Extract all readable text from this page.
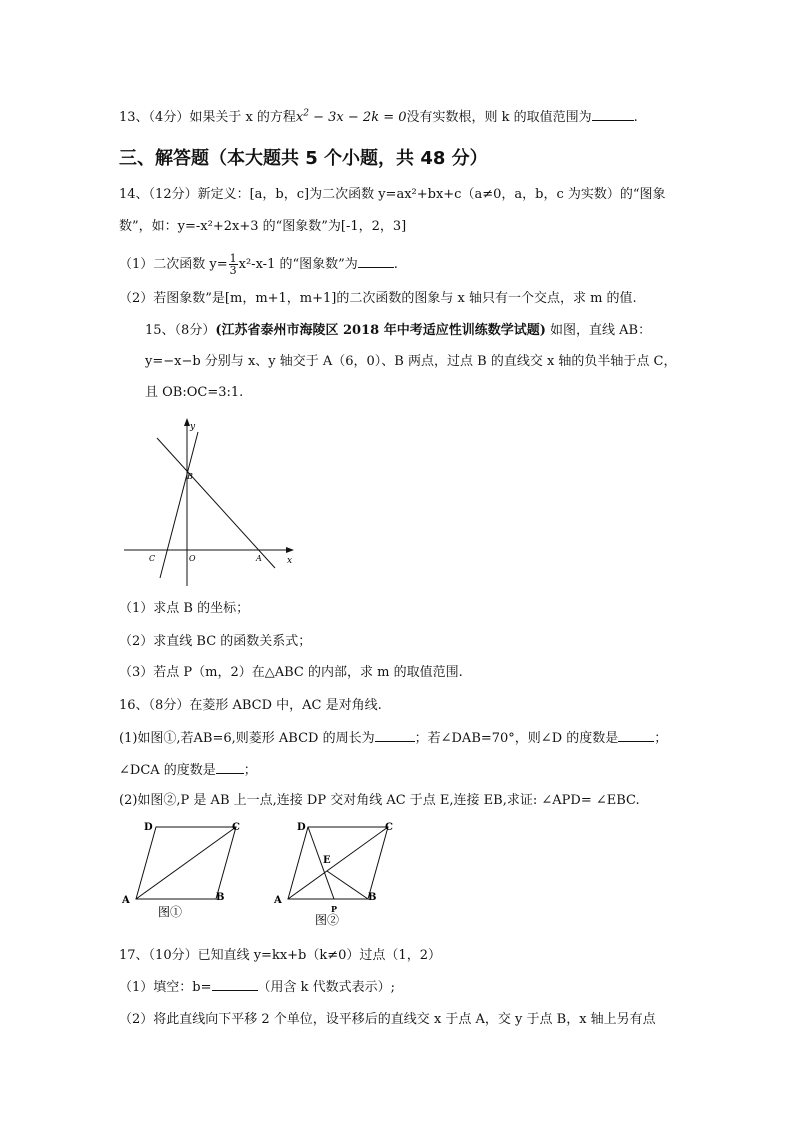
13、（4分）如果关于 x 的方程$x^2 - 3x - 2k = 0$没有实数根，则 k 的取值范围为	.
三、解答题（本大题共 5 个小题，共 48 分）
14、（12分）新定义：[a，b，c]为二次函数 y=ax²+bx+c（a≠0，a，b，c 为实数）的“图象
数”，如：y=-x²+2x+3 的“图象数”为[-1，2，3]
（1）二次函数 $y= \frac{1}{3} x^2-x-1$ 的“图象数”为	.
（2）若图象数”是[m，m+1，m+1]的二次函数的图象与 x 轴只有一个交点，求 m 的值.
15、（8分）(江苏省泰州市海陵区 2018 年中考适应性训练数学试题) 如图，直线 AB：
y=−x−b 分别与 x、y 轴交于 A（6，0）、B 两点，过点 B 的直线交 x 轴的负半轴于点 C，
且 OB:OC=3:1.
y
B
C	O	A	x
（1）求点 B 的坐标；
（2）求直线 BC 的函数关系式；
（3）若点 P（m，2）在△ABC 的内部，求 m 的取值范围.
16、（8分）在菱形 ABCD 中，AC 是对角线.
(1)如图①,若AB=6,则菱形 ABCD 的周长为	；若∠DAB=70°，则∠D 的度数是	；
∠DCA 的度数是 ；
(2)如图②,P 是 AB 上一点,连接 DP 交对角线 AC 于点 E,连接 EB,求证: ∠APD= ∠EBC.
D	C
A	B
图①
D	C
E
A	B
P
图②
17、（10分）已知直线 y=kx+b（k≠0）过点（1，2）
（1）填空：b=	（用含 k 代数式表示）;
（2）将此直线向下平移 2 个单位，设平移后的直线交 x 于点 A，交 y 于点 B，x 轴上另有点
